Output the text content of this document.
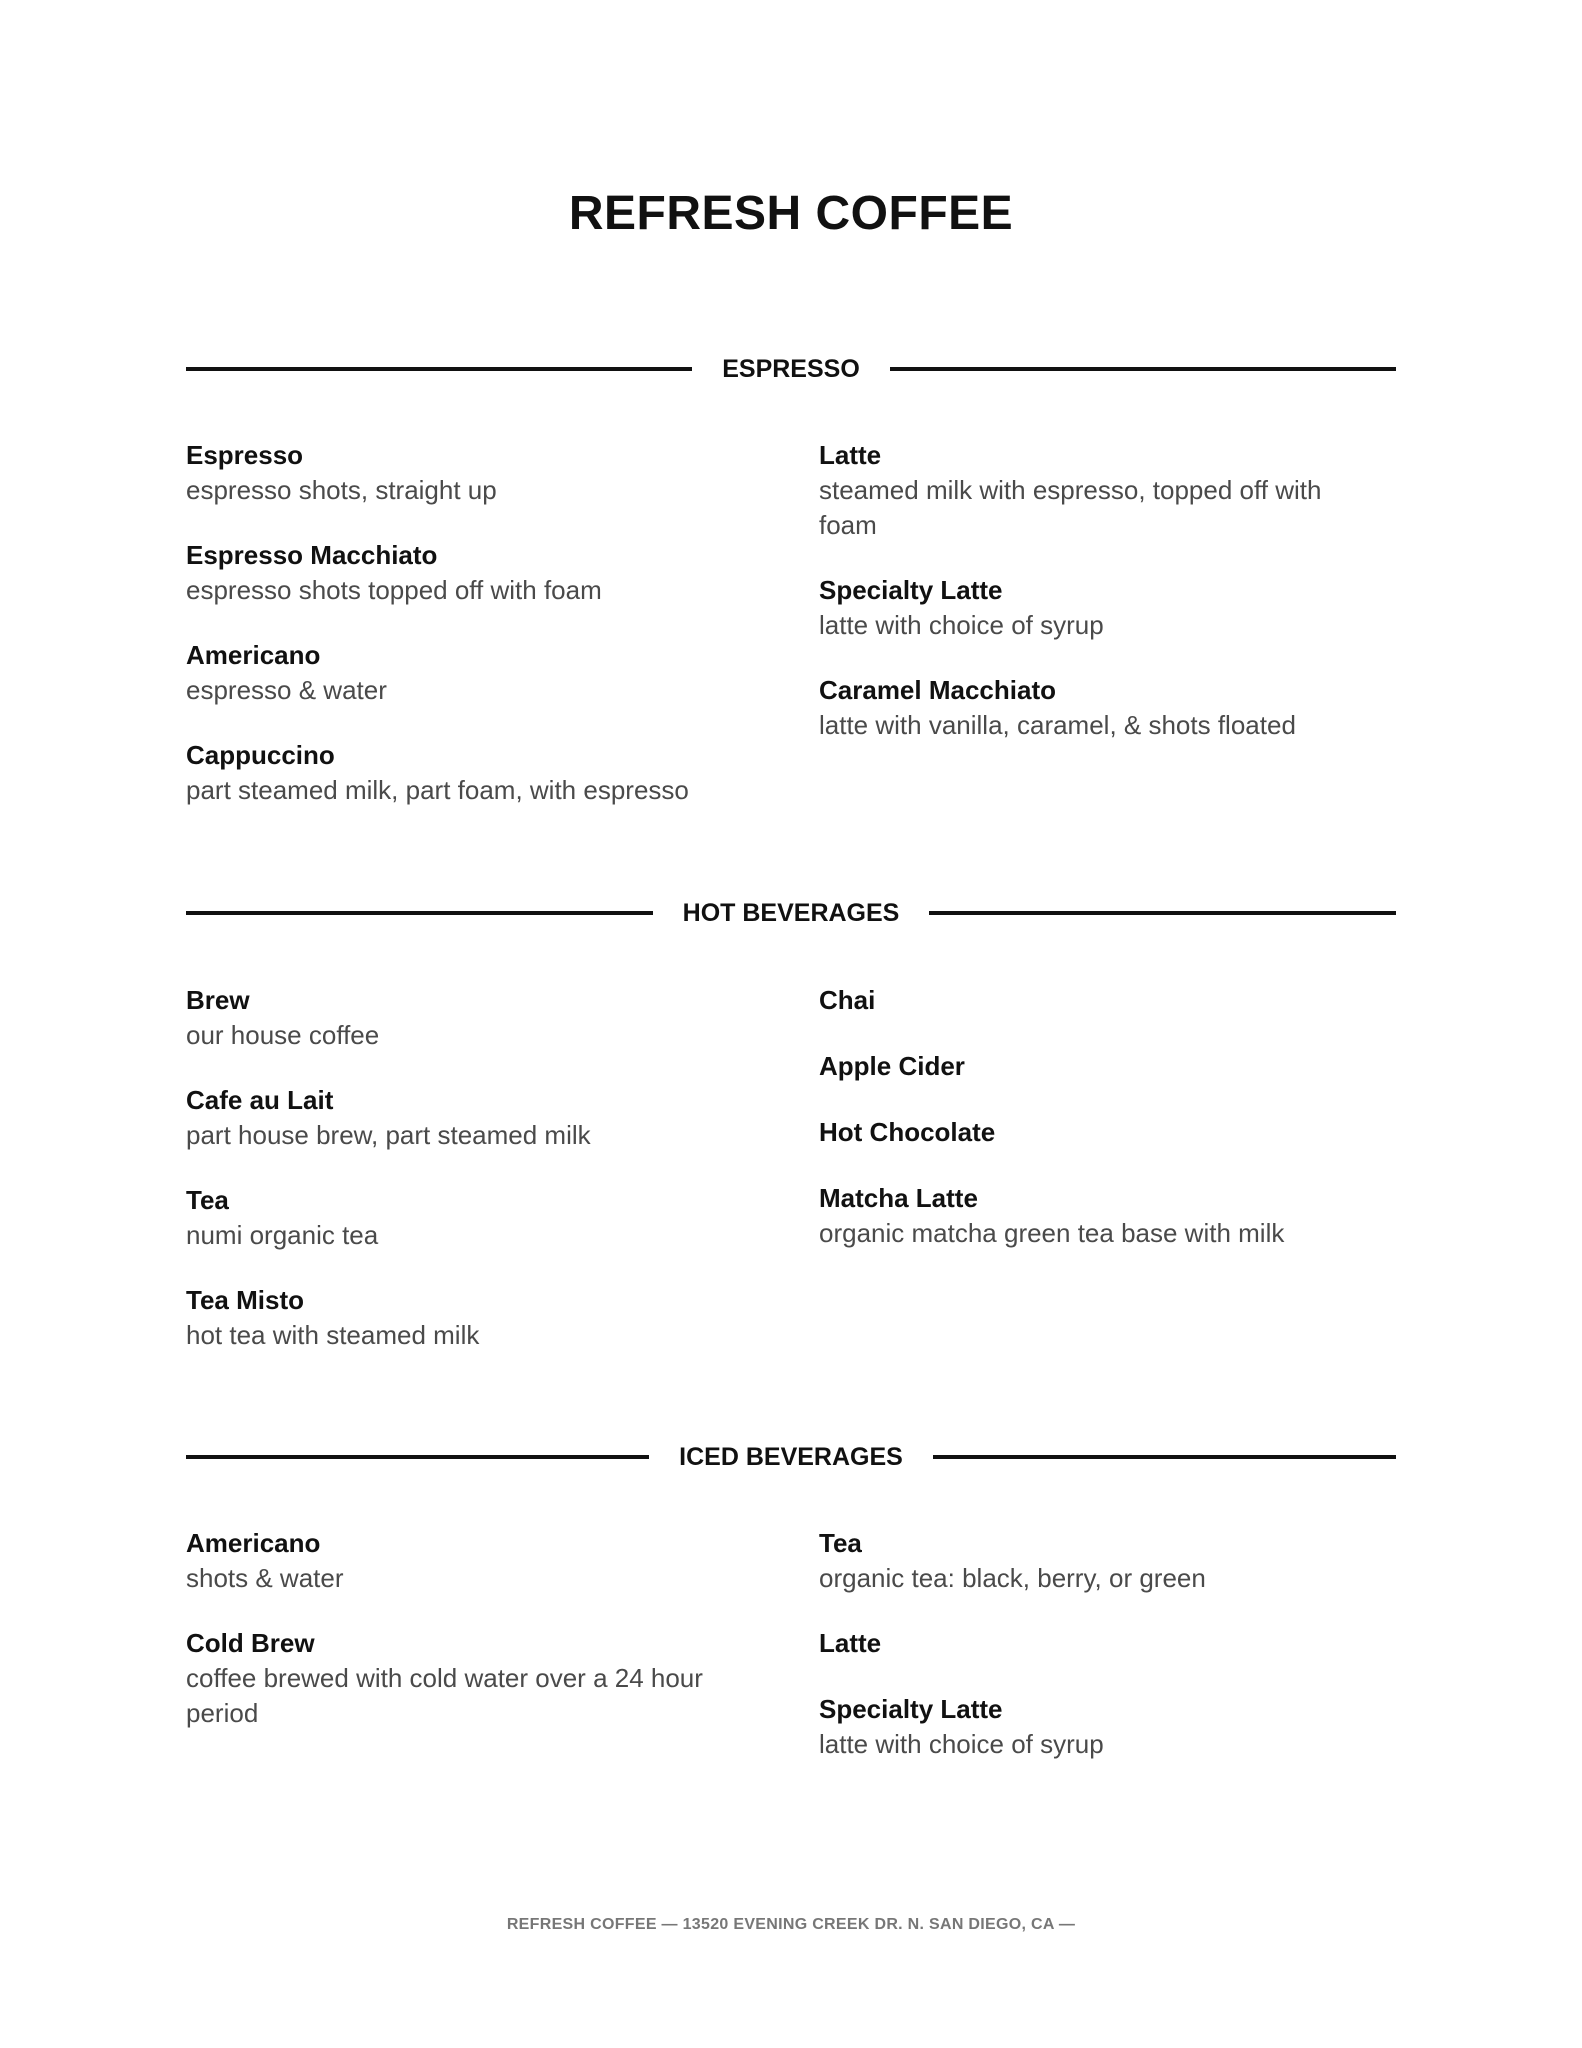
REFRESH COFFEE
ESPRESSO
Espresso
espresso shots, straight up
Espresso Macchiato
espresso shots topped off with foam
Americano
espresso & water
Cappuccino
part steamed milk, part foam, with espresso
Latte
steamed milk with espresso, topped off with foam
Specialty Latte
latte with choice of syrup
Caramel Macchiato
latte with vanilla, caramel, & shots floated
HOT BEVERAGES
Brew
our house coffee
Cafe au Lait
part house brew, part steamed milk
Tea
numi organic tea
Tea Misto
hot tea with steamed milk
Chai
Apple Cider
Hot Chocolate
Matcha Latte
organic matcha green tea base with milk
ICED BEVERAGES
Americano
shots & water
Cold Brew
coffee brewed with cold water over a 24 hour period
Tea
organic tea: black, berry, or green
Latte
Specialty Latte
latte with choice of syrup
REFRESH COFFEE — 13520 EVENING CREEK DR. N. SAN DIEGO, CA —
